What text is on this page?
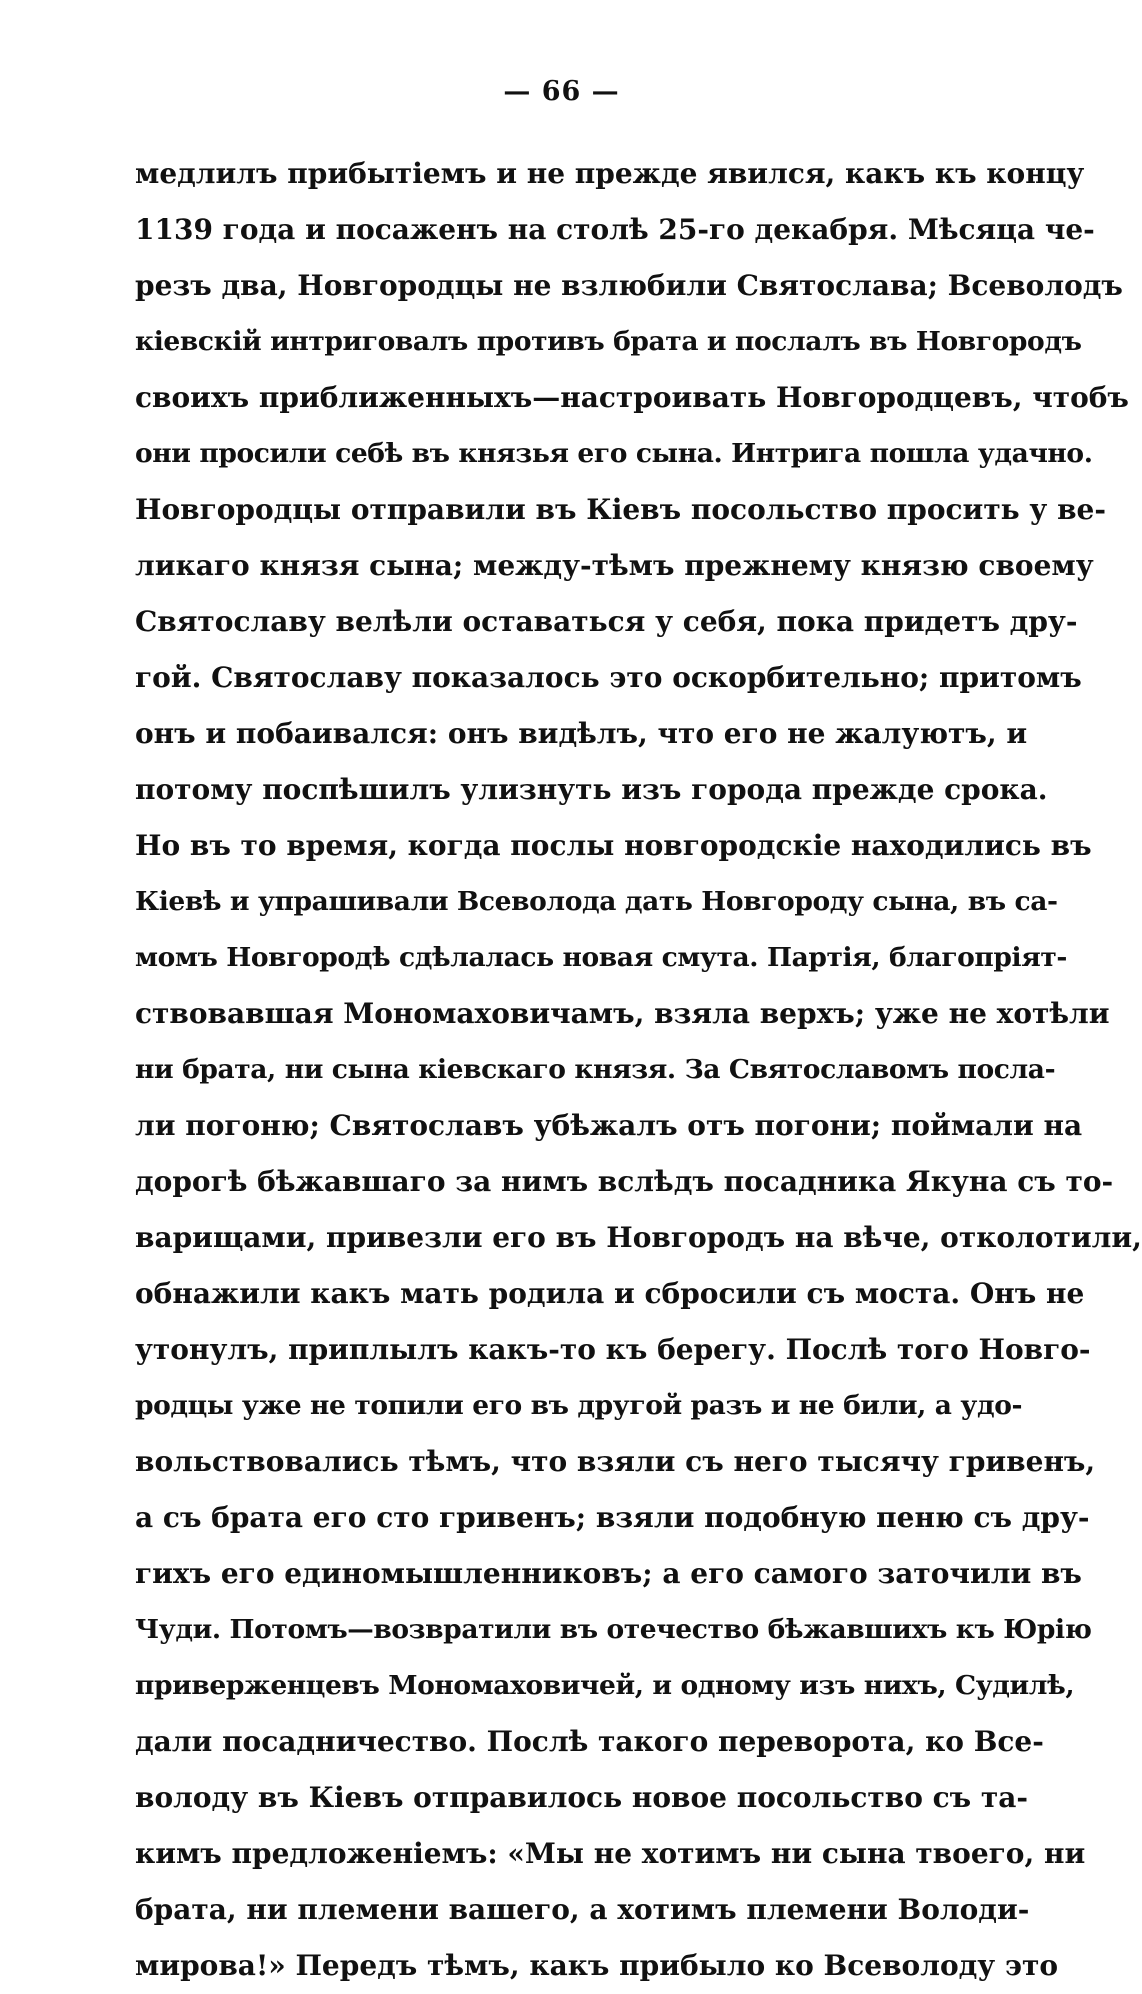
— 66 —
медлилъ прибытіемъ и не прежде явился, какъ къ концу
1139 года и посаженъ на столѣ 25-го декабря. Мѣсяца че-
резъ два, Новгородцы не взлюбили Святослава; Всеволодъ
кіевскій интриговалъ противъ брата и послалъ въ Новгородъ
своихъ приближенныхъ—настроивать Новгородцевъ, чтобъ
они просили себѣ въ князья его сына. Интрига пошла удачно.
Новгородцы отправили въ Кіевъ посольство просить у ве-
ликаго князя сына; между-тѣмъ прежнему князю своему
Святославу велѣли оставаться у себя, пока придетъ дру-
гой. Святославу показалось это оскорбительно; притомъ
онъ и побаивался: онъ видѣлъ, что его не жалуютъ, и
потому поспѣшилъ улизнуть изъ города прежде срока.
Но въ то время, когда послы новгородскіе находились въ
Кіевѣ и упрашивали Всеволода дать Новгороду сына, въ са-
момъ Новгородѣ сдѣлалась новая смута. Партія, благопріят-
ствовавшая Мономаховичамъ, взяла верхъ; уже не хотѣли
ни брата, ни сына кіевскаго князя. За Святославомъ посла-
ли погоню; Святославъ убѣжалъ отъ погони; поймали на
дорогѣ бѣжавшаго за нимъ вслѣдъ посадника Якуна съ то-
варищами, привезли его въ Новгородъ на вѣче, отколотили,
обнажили какъ мать родила и сбросили съ моста. Онъ не
утонулъ, приплылъ какъ-то къ берегу. Послѣ того Новго-
родцы уже не топили его въ другой разъ и не били, а удо-
вольствовались тѣмъ, что взяли съ него тысячу гривенъ,
а съ брата его сто гривенъ; взяли подобную пеню съ дру-
гихъ его единомышленниковъ; а его самого заточили въ
Чуди. Потомъ—возвратили въ отечество бѣжавшихъ къ Юрію
приверженцевъ Мономаховичей, и одному изъ нихъ, Судилѣ,
дали посадничество. Послѣ такого переворота, ко Все-
володу въ Кіевъ отправилось новое посольство съ та-
кимъ предложеніемъ: «Мы не хотимъ ни сына твоего, ни
брата, ни племени вашего, а хотимъ племени Володи-
мирова!» Передъ тѣмъ, какъ прибыло ко Всеволоду это
